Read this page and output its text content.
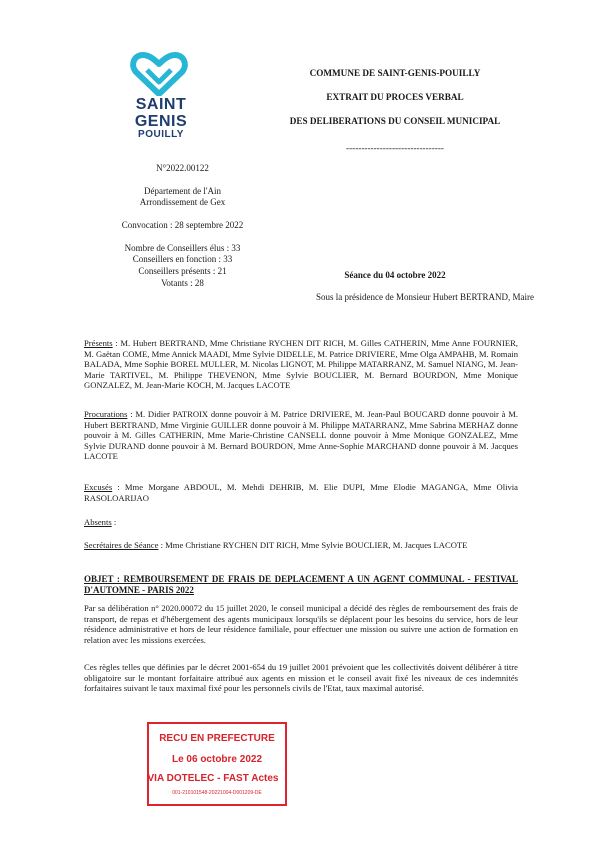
SAINT
GENIS
POUILLY
COMMUNE DE SAINT-GENIS-POUILLY
EXTRAIT DU PROCES VERBAL
DES DELIBERATIONS DU CONSEIL MUNICIPAL
--------------------------------
N°2022.00122
Département de l'Ain
Arrondissement de Gex
Convocation : 28 septembre 2022
Nombre de Conseillers élus : 33
Conseillers en fonction : 33
Conseillers présents : 21
Votants : 28
Séance du 04 octobre 2022
Sous la présidence de Monsieur Hubert BERTRAND, Maire
Présents : M. Hubert BERTRAND, Mme Christiane RYCHEN DIT RICH, M. Gilles CATHERIN, Mme Anne FOURNIER, M. Gaëtan COME, Mme Annick MAADI, Mme Sylvie DIDELLE, M. Patrice DRIVIERE, Mme Olga AMPAHB, M. Romain BALADA, Mme Sophie BOREL MULLER, M. Nicolas LIGNOT, M. Philippe MATARRANZ, M. Samuel NIANG, M. Jean-Marie TARTIVEL, M. Philippe THEVENON, Mme Sylvie BOUCLIER, M. Bernard BOURDON, Mme Monique GONZALEZ, M. Jean-Marie KOCH, M. Jacques LACOTE
Procurations : M. Didier PATROIX donne pouvoir à M. Patrice DRIVIERE, M. Jean-Paul BOUCARD donne pouvoir à M. Hubert BERTRAND, Mme Virginie GUILLER donne pouvoir à M. Philippe MATARRANZ, Mme Sabrina MERHAZ donne pouvoir à M. Gilles CATHERIN, Mme Marie-Christine CANSELL donne pouvoir à Mme Monique GONZALEZ, Mme Sylvie DURAND donne pouvoir à M. Bernard BOURDON, Mme Anne-Sophie MARCHAND donne pouvoir à M. Jacques LACOTE
Excusés : Mme Morgane ABDOUL, M. Mehdi DEHRIB, M. Elie DUPI, Mme Elodie MAGANGA, Mme Olivia RASOLOARIJAO
Absents :
Secrétaires de Séance : Mme Christiane RYCHEN DIT RICH, Mme Sylvie BOUCLIER, M. Jacques LACOTE
OBJET : REMBOURSEMENT DE FRAIS DE DEPLACEMENT A UN AGENT COMMUNAL - FESTIVAL D'AUTOMNE - PARIS 2022
Par sa délibération n° 2020.00072 du 15 juillet 2020, le conseil municipal a décidé des règles de remboursement des frais de transport, de repas et d'hébergement des agents municipaux lorsqu'ils se déplacent pour les besoins du service, hors de leur résidence administrative et hors de leur résidence familiale, pour effectuer une mission ou suivre une action de formation en relation avec les missions exercées.
Ces règles telles que définies par le décret 2001-654 du 19 juillet 2001 prévoient que les collectivités doivent délibérer à titre obligatoire sur le montant forfaitaire attribué aux agents en mission et le conseil avait fixé les niveaux de ces indemnités forfaitaires suivant le taux maximal fixé pour les personnels civils de l'Etat, taux maximal autorisé.
RECU EN PREFECTURE
Le 06 octobre 2022
VIA DOTELEC - FAST Actes
001-210101548-20221004-D001209-DE
